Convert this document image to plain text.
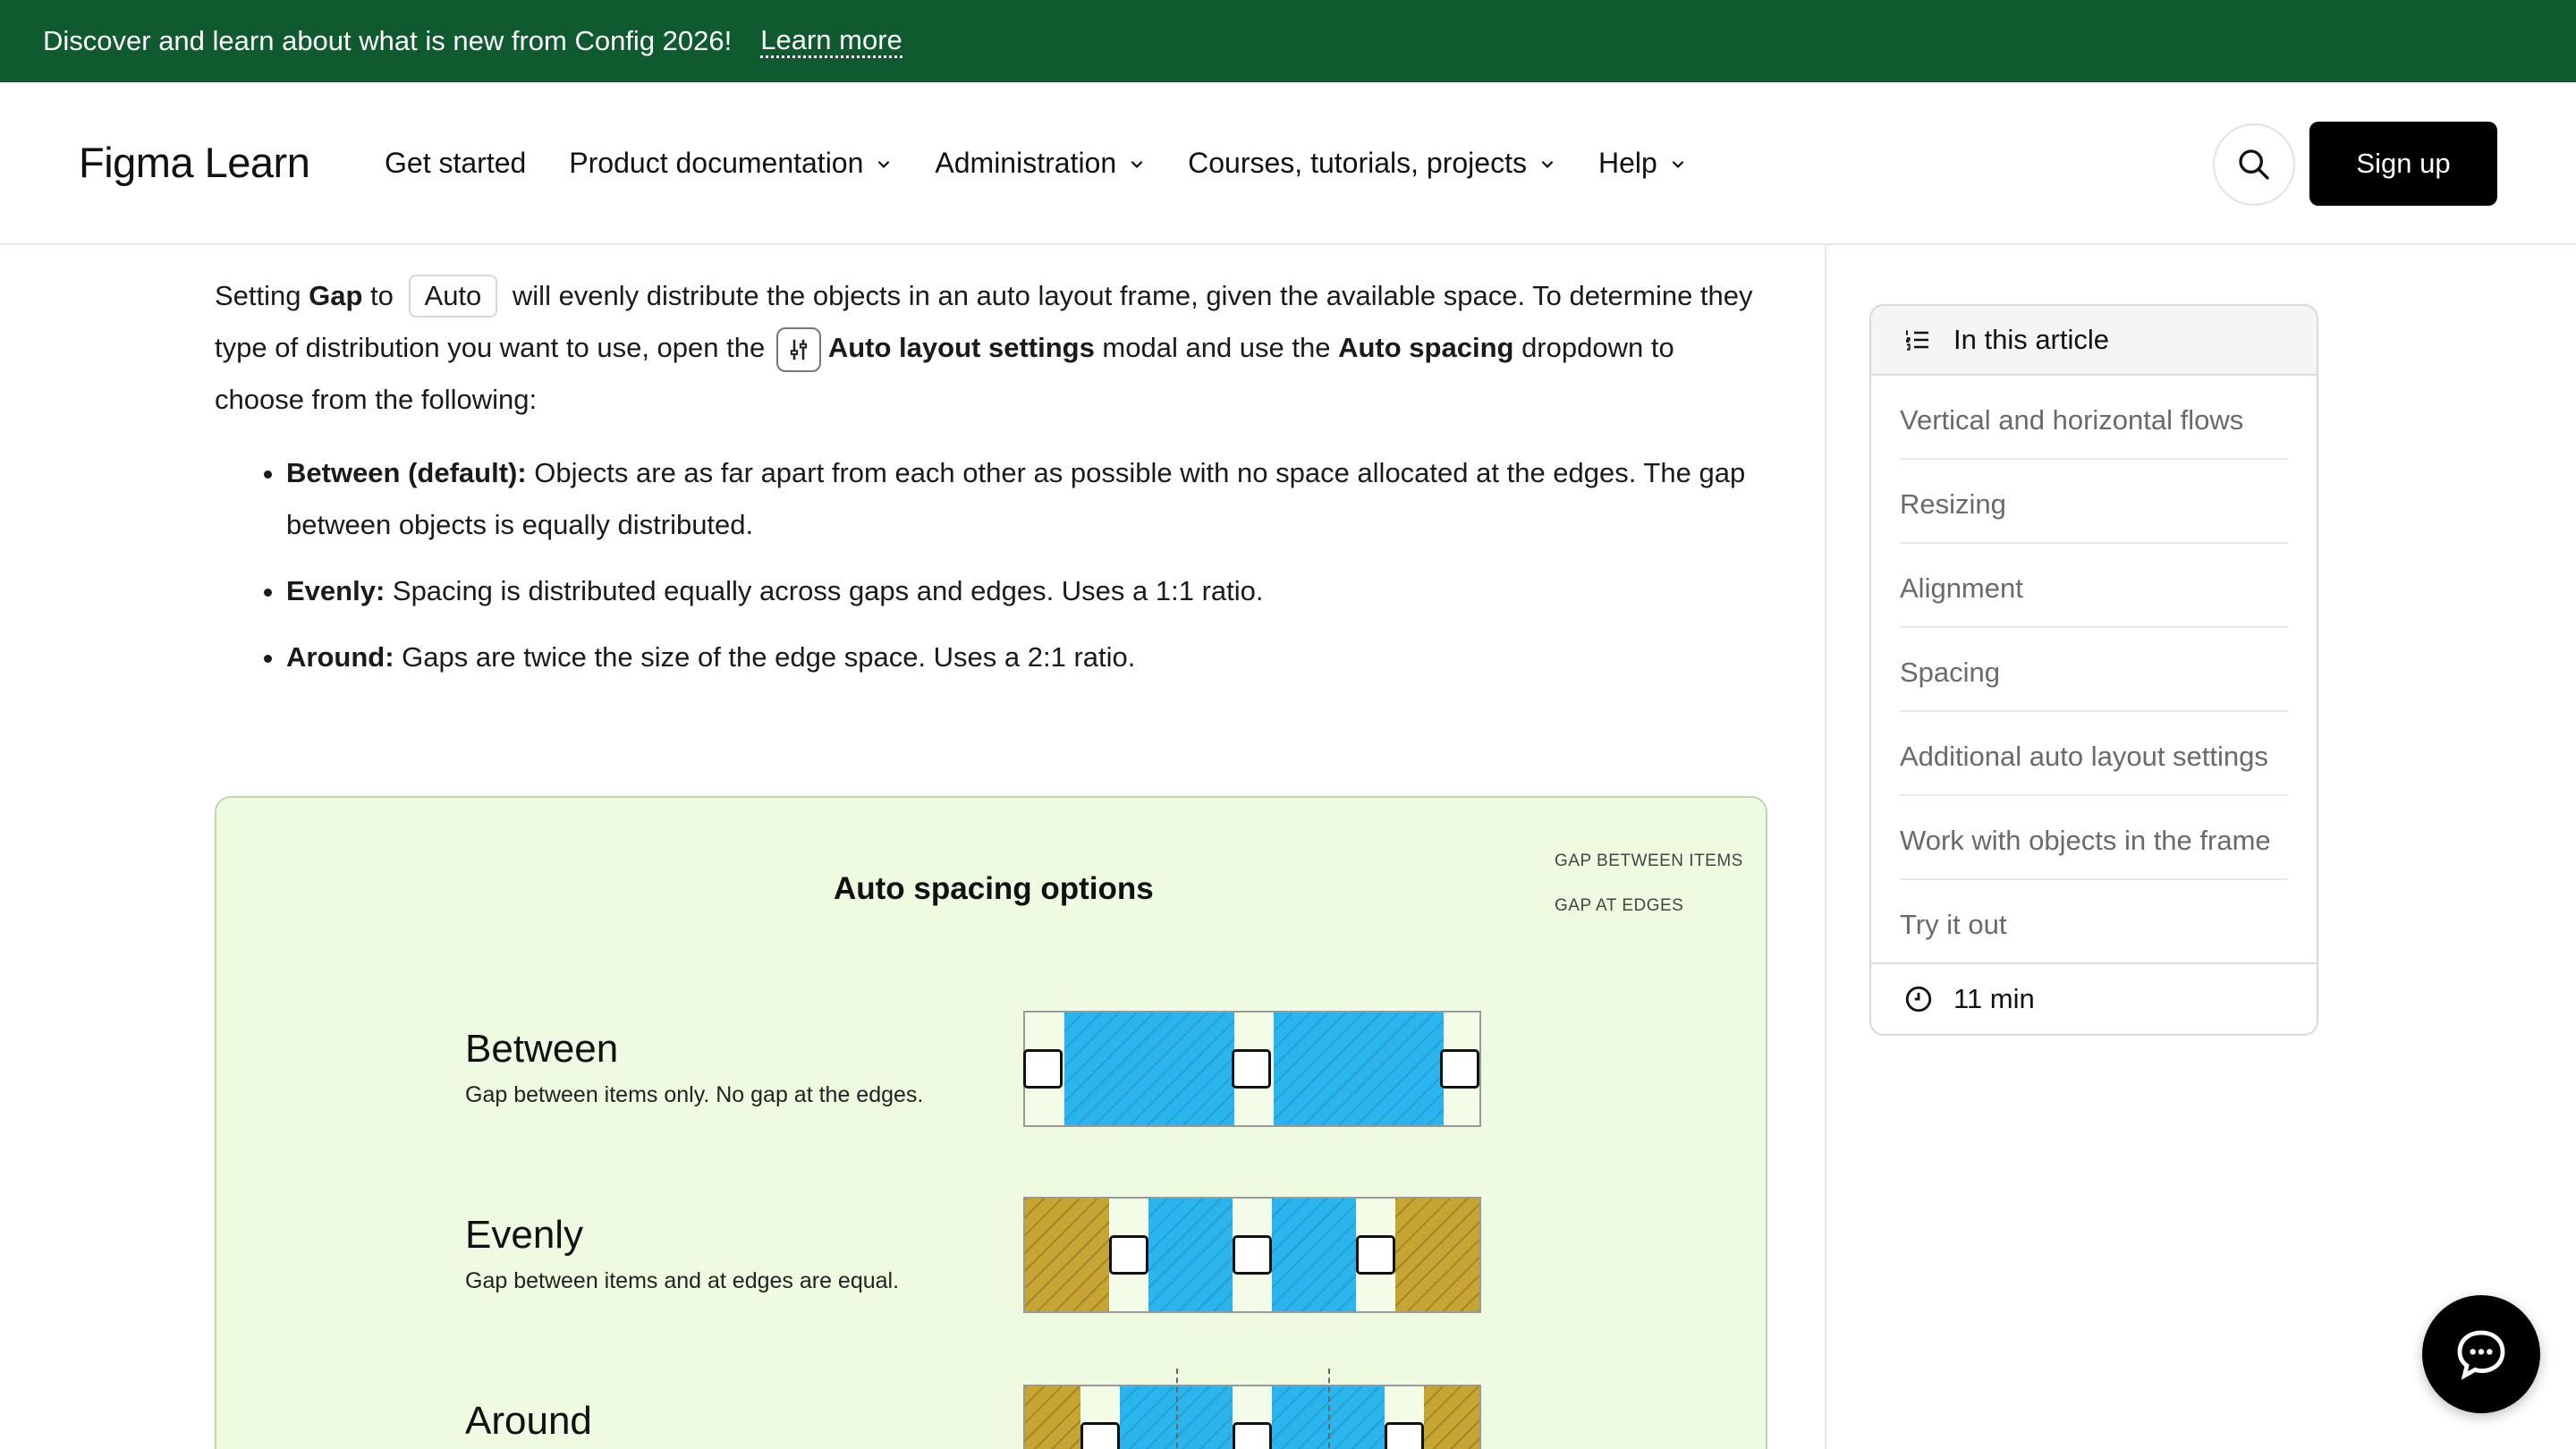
Discover and learn about what is new from Config 2026! Learn more
Figma Learn	Get started Product documentation	Administration	Courses, tutorials, projects	Help	Sign up

Setting Gap to Auto will evenly distribute the objects in an auto layout frame, given the available space. To determine they type of distribution you want to use, open the
Auto layout settings modal and use the Auto spacing dropdown to choose from the following:

• Between (default): Objects are as far apart from each other as possible with no space allocated at the edges. The gap between objects is equally distributed.
• Evenly: Spacing is distributed equally across gaps and edges. Uses a 1:1 ratio.
• Around: Gaps are twice the size of the edge space. Uses a 2:1 ratio.
Auto spacing options
GAP BETWEEN ITEMS
GAP AT EDGES
Between
Gap between items only. No gap at the edges.
Evenly
Gap between items and at edges are equal.
Around
In this article
Vertical and horizontal flows
Resizing
Alignment
Spacing
Additional auto layout settings
Work with objects in the frame
Try it out
11 min
